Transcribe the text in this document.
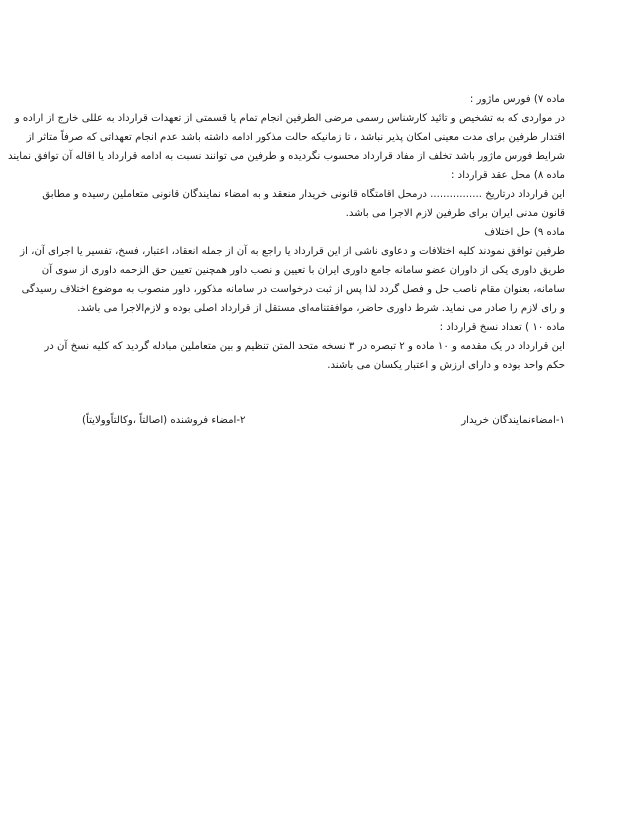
ماده ۷) فورس ماژور :
در مواردی که به تشخیص و تائید کارشناس رسمی مرضی الطرفین انجام تمام یا قسمتی از تعهدات قرارداد به عللی خارج از اراده و
اقتدار طرفین برای مدت معینی امکان پذیر نباشد ، تا زمانیکه حالت مذکور ادامه داشته باشد عدم انجام تعهداتی که صرفاً متاثر از
شرایط فورس ماژور باشد تخلف از مفاد قرارداد محسوب نگردیده و طرفین می توانند نسبت به ادامه قرارداد یا اقاله آن توافق نمایند
ماده ۸) محل عقد قرارداد :
این قرارداد درتاریخ ................ درمحل اقامتگاه قانونی خریدار منعقد و به امضاء نمایندگان قانونی متعاملین رسیده و مطابق
قانون مدنی ایران برای طرفین لازم الاجرا می باشد.
ماده ۹) حل اختلاف
طرفین توافق نمودند کلیه اختلافات و دعاوی ناشی از این قرارداد یا راجع به آن از جمله انعقاد، اعتبار، فسخ، تفسیر یا اجرای آن، از
طریق داوری یکی از داوران عضو سامانه جامع داوری ایران با تعیین و نصب داور همچنین تعیین حق الزحمه داوری از سوی آن
سامانه، بعنوان مقام ناصب حل و فصل گردد لذا پس از ثبت درخواست در سامانه مذکور، داور منصوب به موضوع اختلاف رسیدگی
و رای لازم را صادر می نماید. شرط داوری حاضر، موافقتنامه‌ای مستقل از قرارداد اصلی بوده و لازم‌الاجرا می باشد.
ماده ۱۰ ) تعداد نسخ قرارداد :
این قرارداد در یک مقدمه و ۱۰ ماده و ۲ تبصره در ۳ نسخه متحد المتن تنظیم و بین متعاملین مبادله گردید که کلیه نسخ آن در
حکم واحد بوده و دارای ارزش و اعتبار یکسان می باشند.
۱-امضاءنمایندگان خریدار
۲-امضاء فروشنده (اصالتاً ،وکالتاًوولایتاً)
